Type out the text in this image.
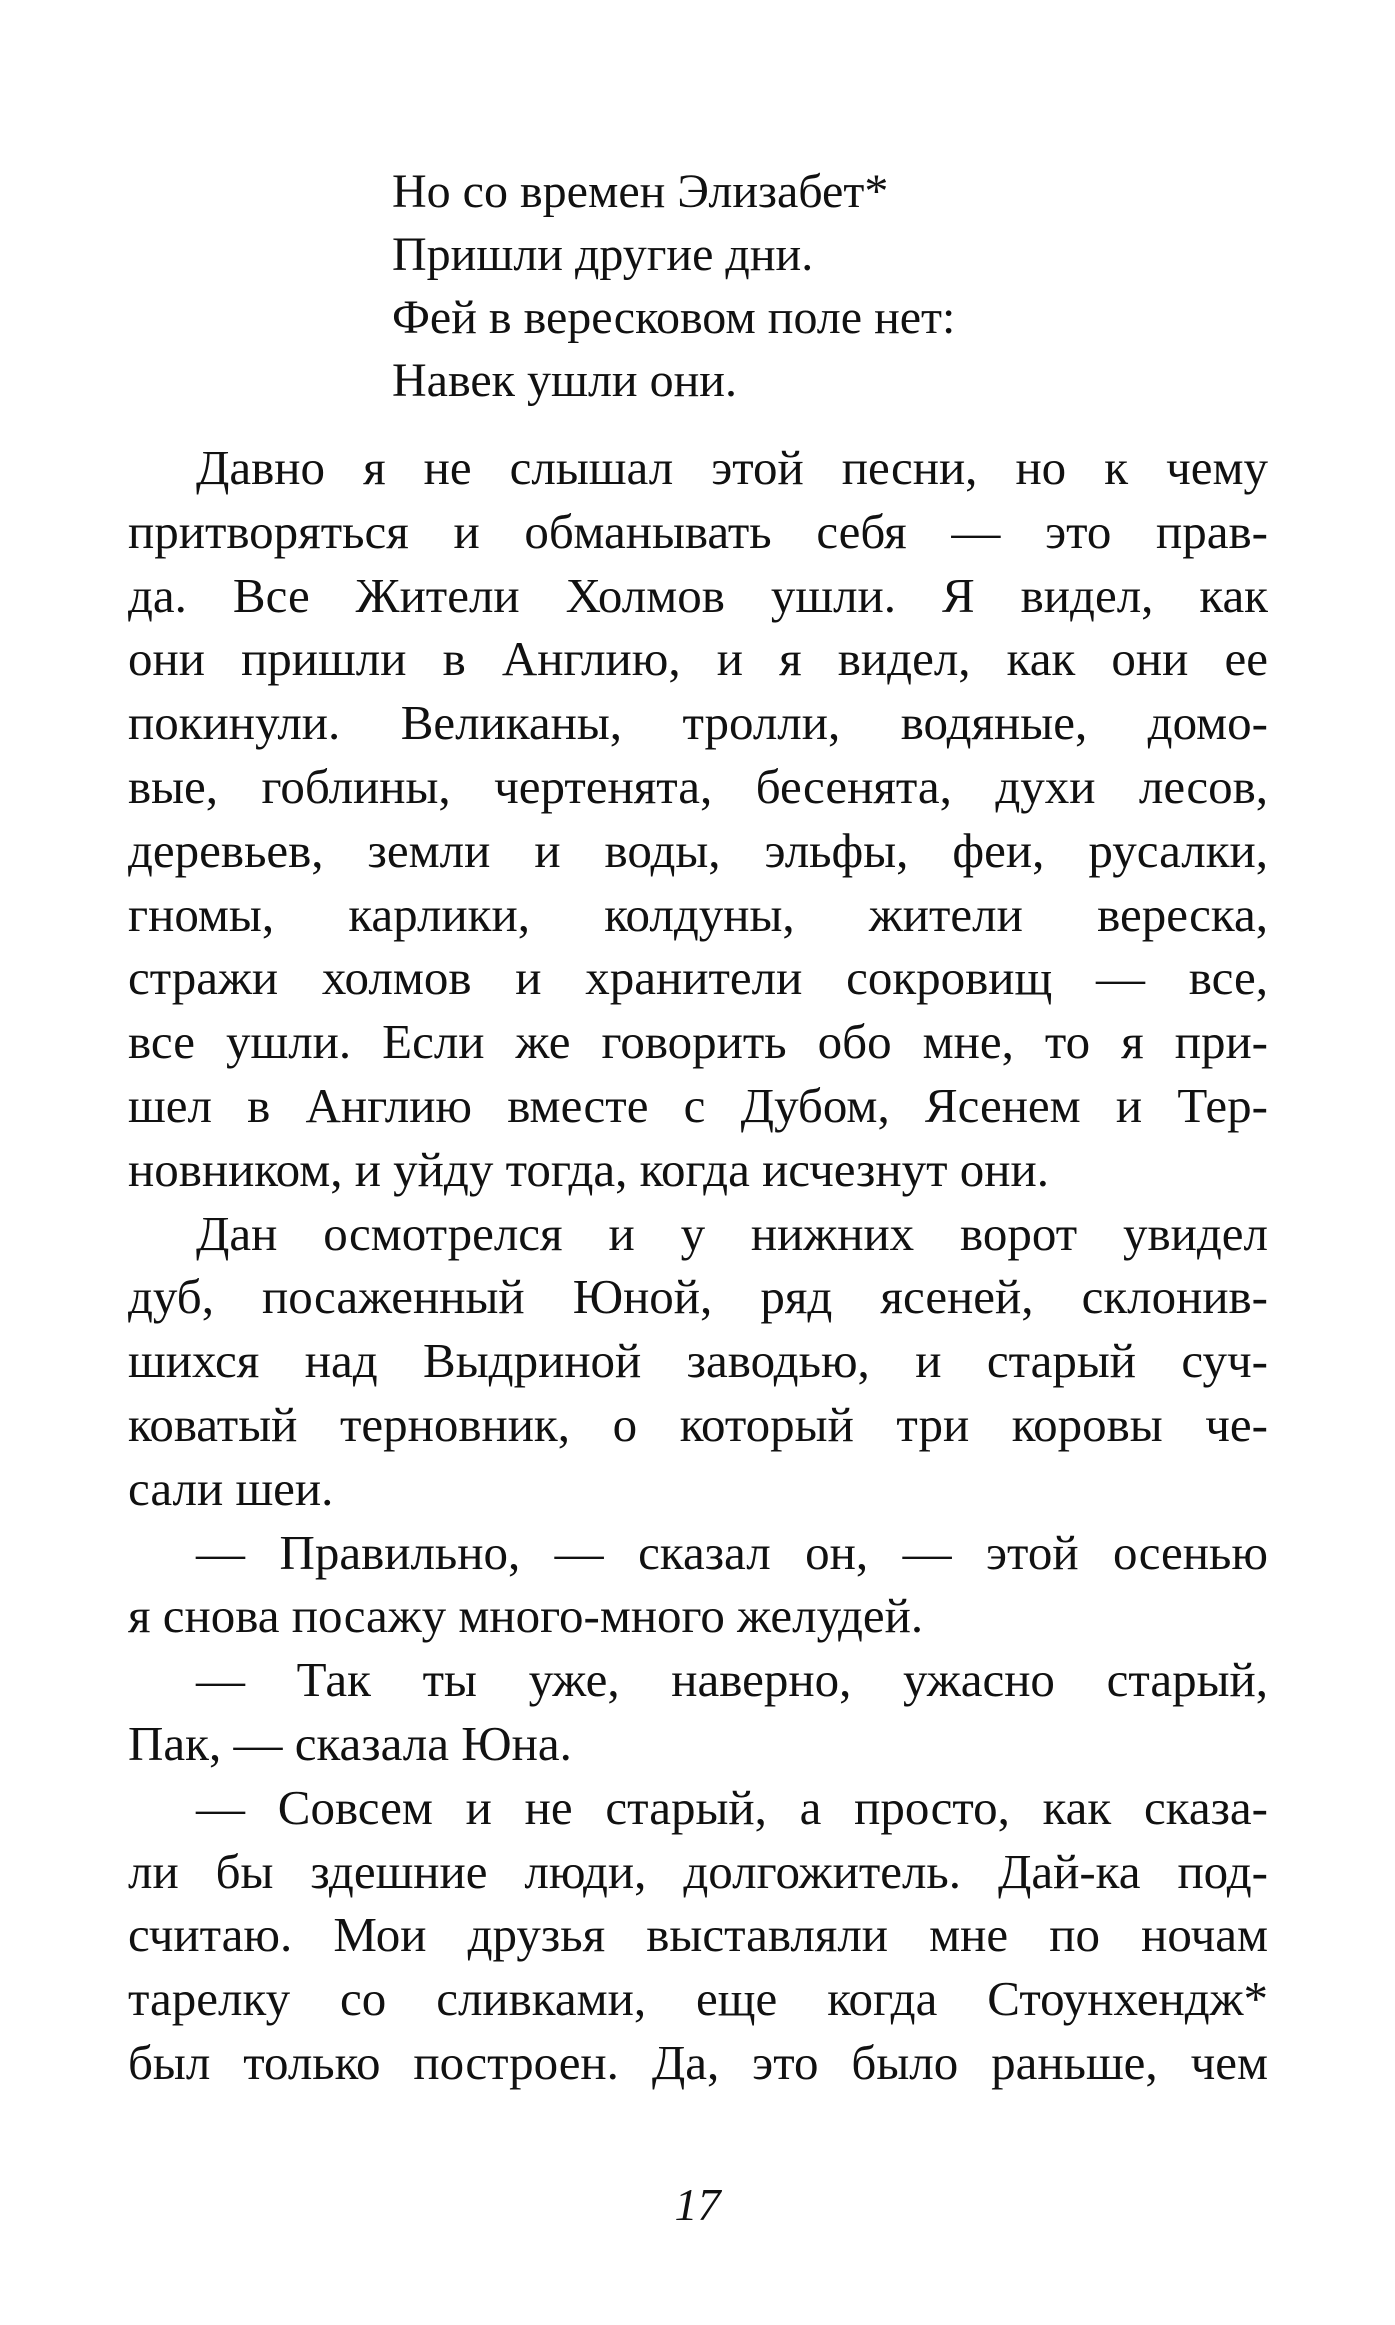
Но со времен Элизабет*
Пришли другие дни.
Фей в вересковом поле нет:
Навек ушли они.
Давно я не слышал этой песни, но к чему
притворяться и обманывать себя — это прав-
да. Все Жители Холмов ушли. Я видел, как
они пришли в Англию, и я видел, как они ее
покинули. Великаны, тролли, водяные, домо-
вые, гоблины, чертенята, бесенята, духи лесов,
деревьев, земли и воды, эльфы, феи, русалки,
гномы, карлики, колдуны, жители вереска,
стражи холмов и хранители сокровищ — все,
все ушли. Если же говорить обо мне, то я при-
шел в Англию вместе с Дубом, Ясенем и Тер-
новником, и уйду тогда, когда исчезнут они.
Дан осмотрелся и у нижних ворот увидел
дуб, посаженный Юной, ряд ясеней, склонив-
шихся над Выдриной заводью, и старый суч-
коватый терновник, о который три коровы че-
сали шеи.
— Правильно, — сказал он, — этой осенью
я снова посажу много-много желудей.
— Так ты уже, наверно, ужасно старый,
Пак, — сказала Юна.
— Совсем и не старый, а просто, как сказа-
ли бы здешние люди, долгожитель. Дай-ка под-
считаю. Мои друзья выставляли мне по ночам
тарелку со сливками, еще когда Стоунхендж*
был только построен. Да, это было раньше, чем
17
